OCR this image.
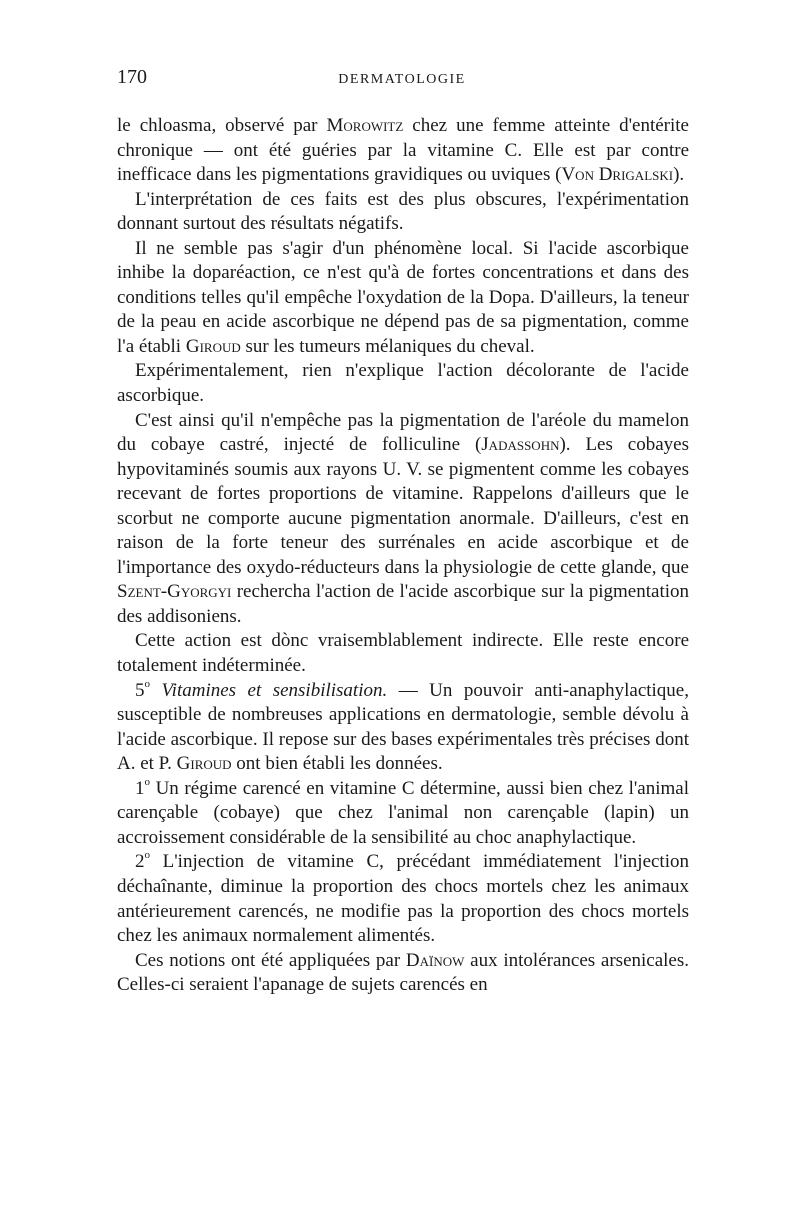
170	DERMATOLOGIE

le chloasma, observé par Morowitz chez une femme atteinte d'entérite chronique — ont été guéries par la vitamine C. Elle est par contre inefficace dans les pigmentations gravidiques ou uviques (Von Drigalski).

L'interprétation de ces faits est des plus obscures, l'expérimentation donnant surtout des résultats négatifs.

Il ne semble pas s'agir d'un phénomène local. Si l'acide ascorbique inhibe la doparéaction, ce n'est qu'à de fortes concentrations et dans des conditions telles qu'il empêche l'oxydation de la Dopa. D'ailleurs, la teneur de la peau en acide ascorbique ne dépend pas de sa pigmentation, comme l'a établi Giroud sur les tumeurs mélaniques du cheval.

Expérimentalement, rien n'explique l'action décolorante de l'acide ascorbique.

C'est ainsi qu'il n'empêche pas la pigmentation de l'aréole du mamelon du cobaye castré, injecté de folliculine (Jadassohn). Les cobayes hypovitaminés soumis aux rayons U. V. se pigmentent comme les cobayes recevant de fortes proportions de vitamine. Rappelons d'ailleurs que le scorbut ne comporte aucune pigmentation anormale. D'ailleurs, c'est en raison de la forte teneur des surrénales en acide ascorbique et de l'importance des oxydo-réducteurs dans la physiologie de cette glande, que Szent-Gyorgyi rechercha l'action de l'acide ascorbique sur la pigmentation des addisoniens.

Cette action est dònc vraisemblablement indirecte. Elle reste encore totalement indéterminée.

5$^o$ Vitamines et sensibilisation. — Un pouvoir anti-anaphylactique, susceptible de nombreuses applications en dermatologie, semble dévolu à l'acide ascorbique. Il repose sur des bases expérimentales très précises dont A. et P. Giroud ont bien établi les données.

1$^o$ Un régime carencé en vitamine C détermine, aussi bien chez l'animal carençable (cobaye) que chez l'animal non carençable (lapin) un accroissement considérable de la sensibilité au choc anaphylactique.

2$^o$ L'injection de vitamine C, précédant immédiatement l'injection déchaînante, diminue la proportion des chocs mortels chez les animaux antérieurement carencés, ne modifie pas la proportion des chocs mortels chez les animaux normalement alimentés.

Ces notions ont été appliquées par Daïnow aux intolérances arsenicales. Celles-ci seraient l'apanage de sujets carencés en
